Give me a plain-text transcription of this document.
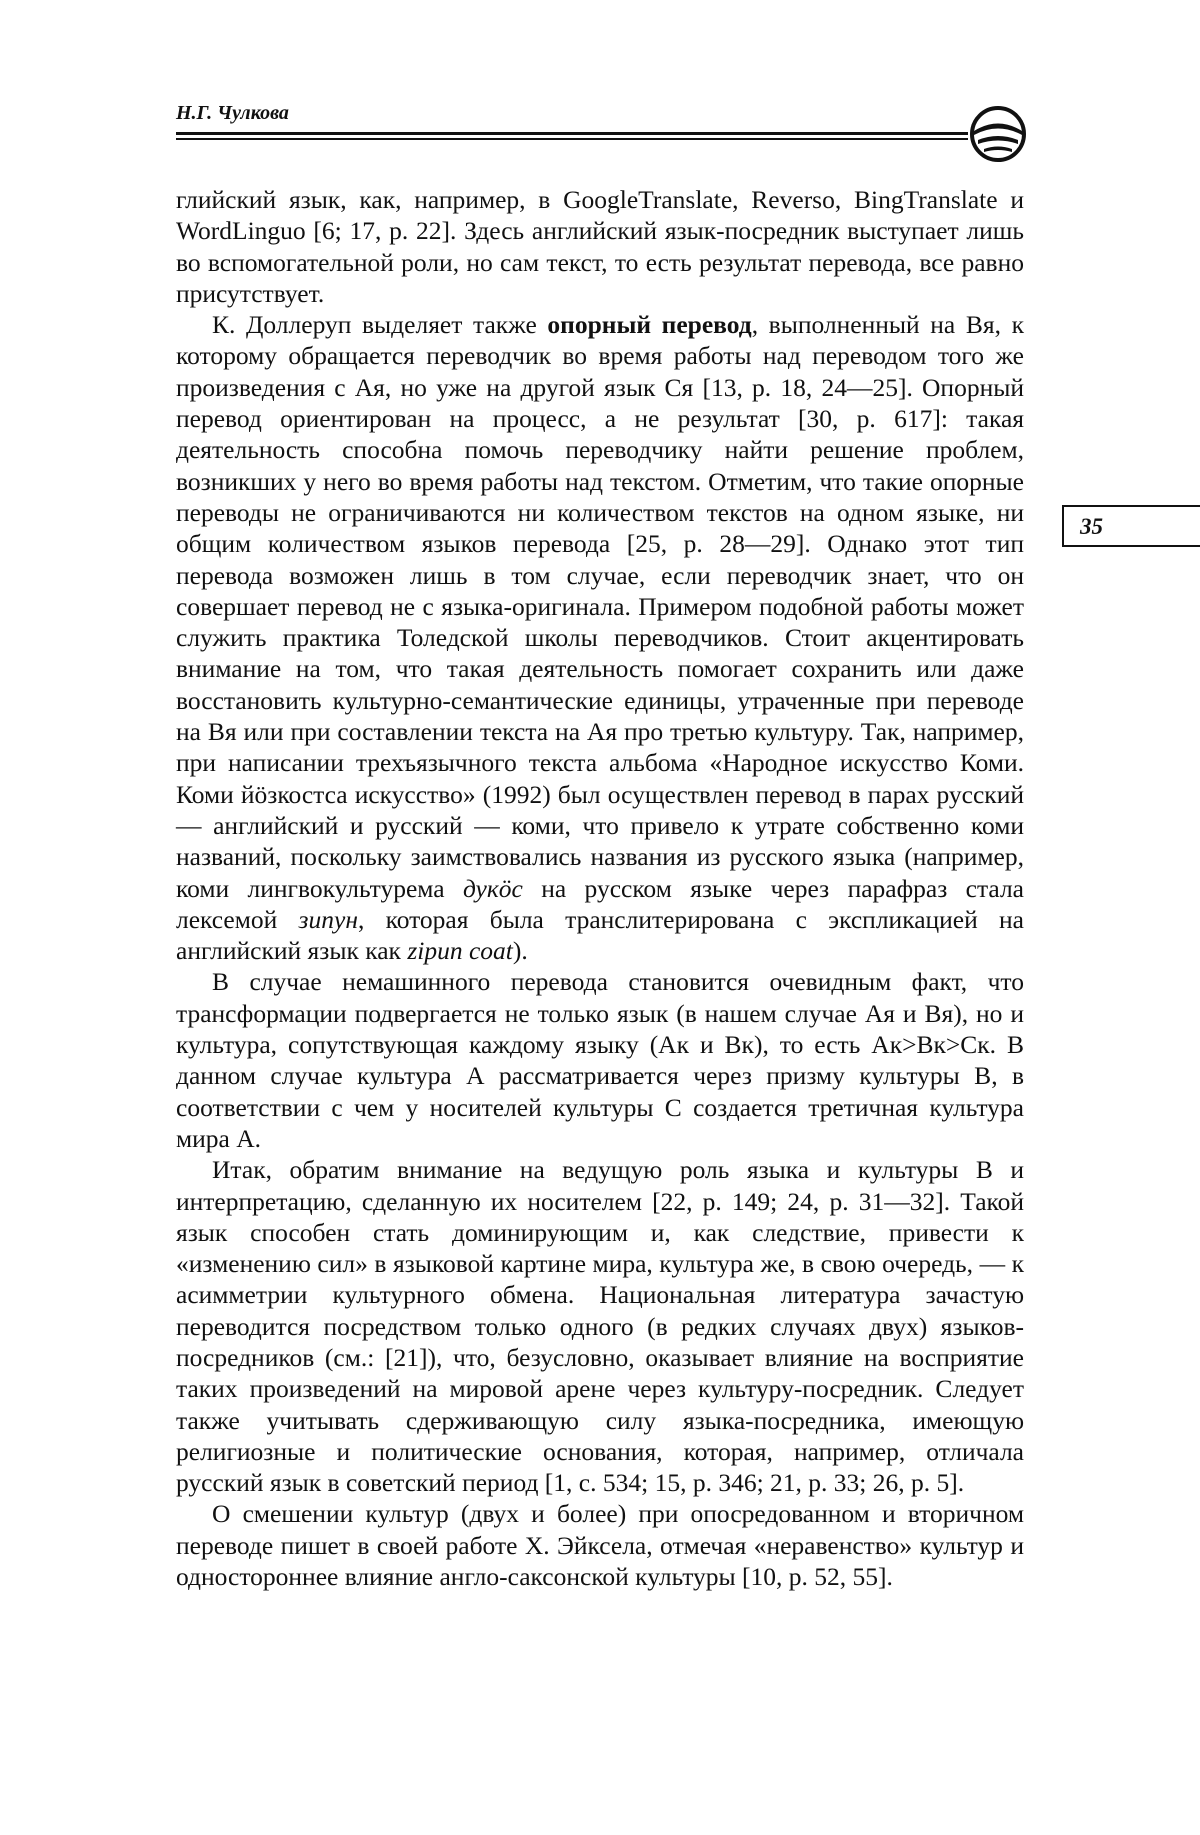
Н.Г. Чулкова
35

глийский язык, как, например, в GoogleTranslate, Reverso, BingTranslate и WordLinguo [6; 17, p. 22]. Здесь английский язык-посредник выступает лишь во вспомогательной роли, но сам текст, то есть результат перевода, все равно присутствует.

К. Доллеруп выделяет также опорный перевод, выполненный на Вя, к которому обращается переводчик во время работы над переводом того же произведения с Ая, но уже на другой язык Ся [13, p. 18, 24—25]. Опорный перевод ориентирован на процесс, а не результат [30, p. 617]: такая деятельность способна помочь переводчику найти решение проблем, возникших у него во время работы над текстом. Отметим, что такие опорные переводы не ограничиваются ни количеством текстов на одном языке, ни общим количеством языков перевода [25, p. 28—29]. Однако этот тип перевода возможен лишь в том случае, если переводчик знает, что он совершает перевод не с языка-оригинала. Примером подобной работы может служить практика Толедской школы переводчиков. Стоит акцентировать внимание на том, что такая деятельность помогает сохранить или даже восстановить культурно-семантические единицы, утраченные при переводе на Вя или при составлении текста на Ая про третью культуру. Так, например, при написании трехъязычного текста альбома «Народное искусство Коми. Коми йӧзкостса искусство» (1992) был осуществлен перевод в парах русский — английский и русский — коми, что привело к утрате собственно коми названий, поскольку заимствовались названия из русского языка (например, коми лингвокультурема дукӧс на русском языке через парафраз стала лексемой зипун, которая была транслитерирована с экспликацией на английский язык как zipun coat).

В случае немашинного перевода становится очевидным факт, что трансформации подвергается не только язык (в нашем случае Ая и Вя), но и культура, сопутствующая каждому языку (Ак и Вк), то есть Ак>Вк>Ск. В данном случае культура А рассматривается через призму культуры В, в соответствии с чем у носителей культуры С создается третичная культура мира А.

Итак, обратим внимание на ведущую роль языка и культуры В и интерпретацию, сделанную их носителем [22, p. 149; 24, p. 31—32]. Такой язык способен стать доминирующим и, как следствие, привести к «изменению сил» в языковой картине мира, культура же, в свою очередь, — к асимметрии культурного обмена. Национальная литература зачастую переводится посредством только одного (в редких случаях двух) языков-посредников (см.: [21]), что, безусловно, оказывает влияние на восприятие таких произведений на мировой арене через культуру-посредник. Следует также учитывать сдерживающую силу языка-посредника, имеющую религиозные и политические основания, которая, например, отличала русский язык в советский период [1, c. 534; 15, p. 346; 21, p. 33; 26, p. 5].

О смешении культур (двух и более) при опосредованном и вторичном переводе пишет в своей работе Х. Эйксела, отмечая «неравенство» культур и одностороннее влияние англо-саксонской культуры [10, p. 52, 55].
